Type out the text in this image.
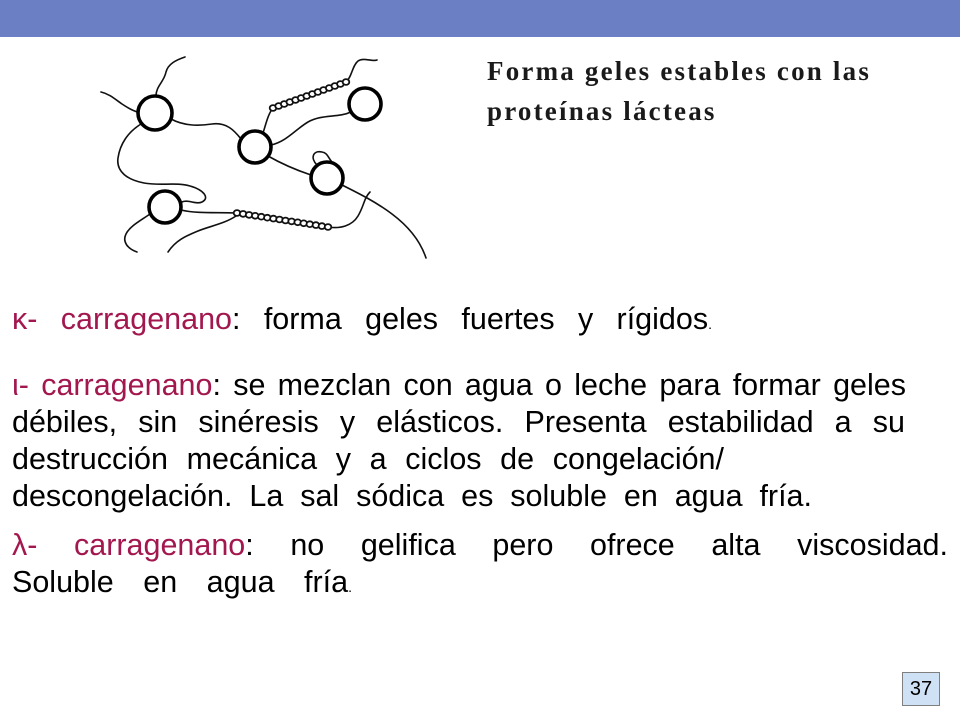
Forma geles estables con las
proteínas lácteas
κ- carragenano: forma geles fuertes y rígidos.
ι- carragenano: se mezclan con agua o leche para formar geles
débiles, sin sinéresis y elásticos. Presenta estabilidad a su
destrucción mecánica y a ciclos de congelación/
descongelación. La sal sódica es soluble en agua fría.
λ- carragenano: no gelifica pero ofrece alta viscosidad.
Soluble en agua fría.
37
